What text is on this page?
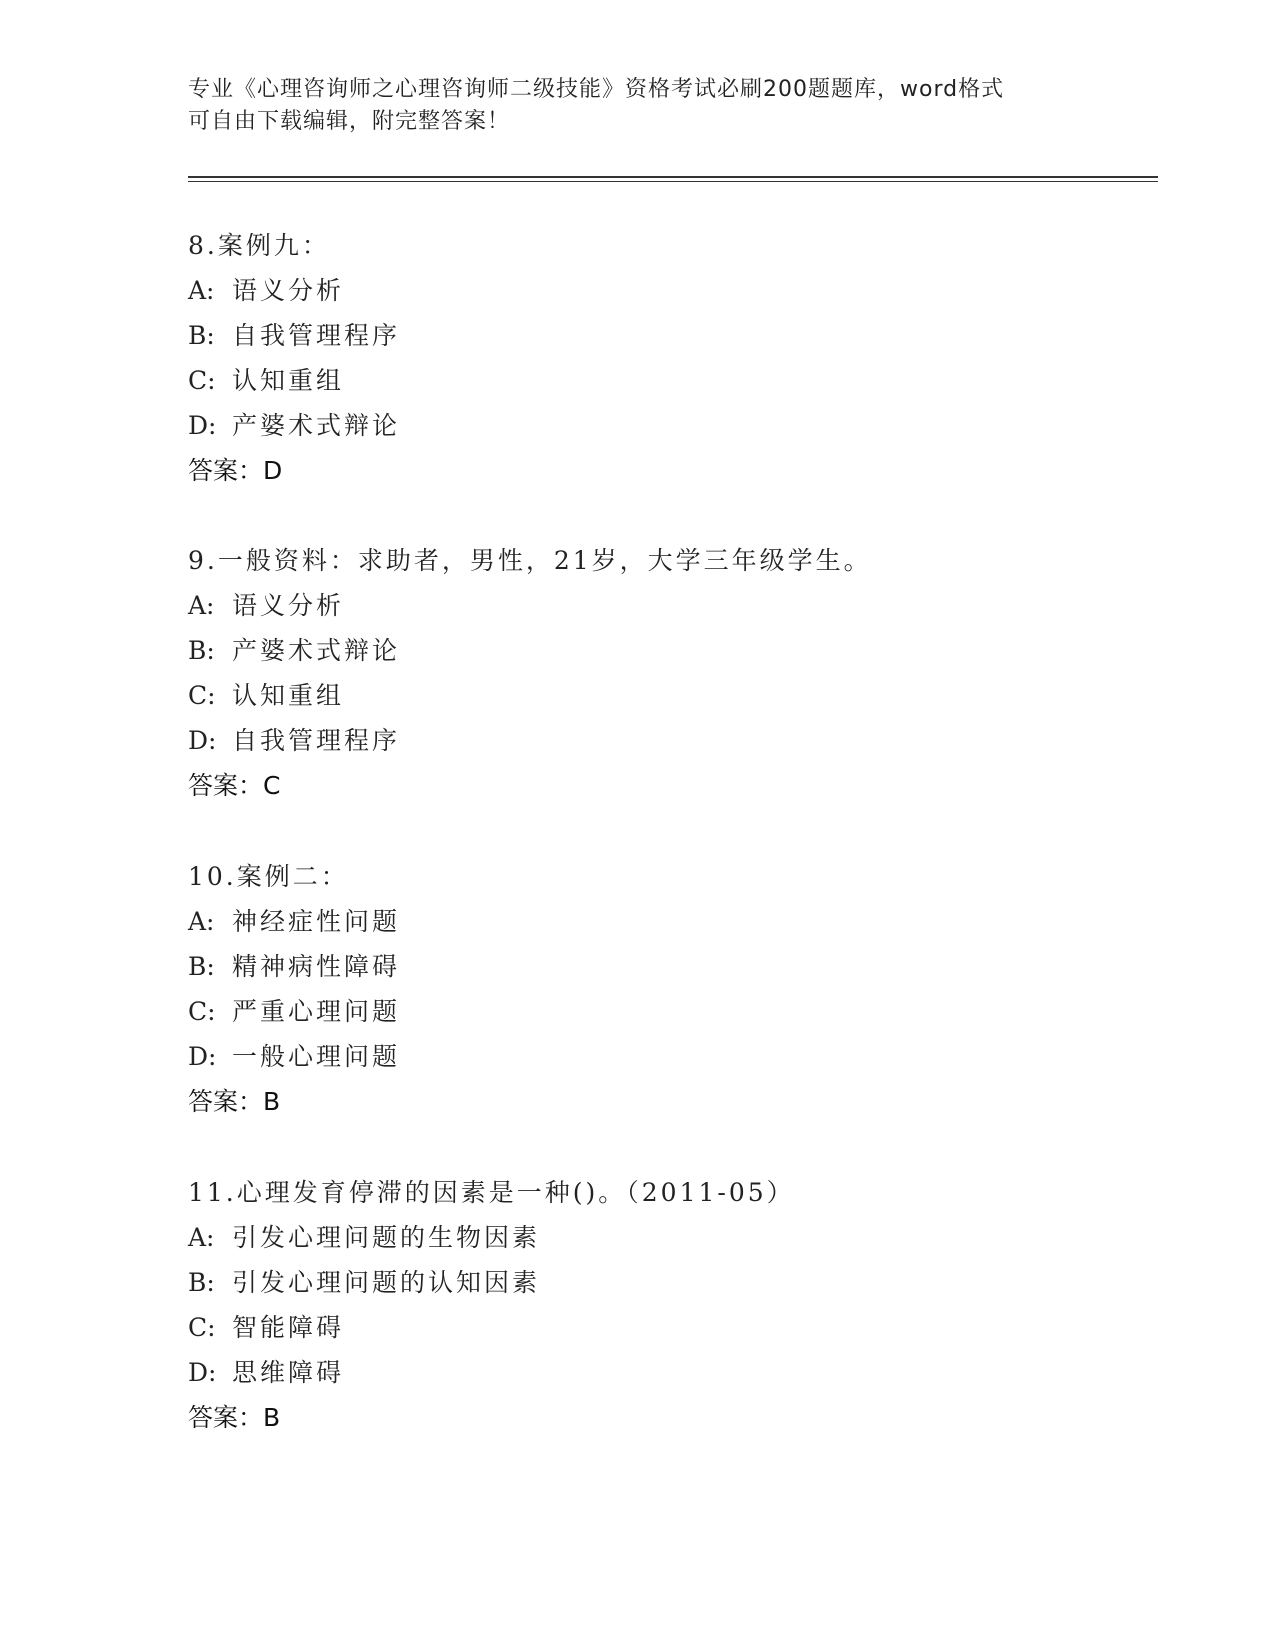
专业《心理咨询师之心理咨询师二级技能》资格考试必刷200题题库，word格式

可自由下载编辑，附完整答案！

8.案例九：
A: 语义分析
B: 自我管理程序
C: 认知重组
D: 产婆术式辩论
答案：D
9.一般资料：求助者，男性，21岁，大学三年级学生。
A: 语义分析
B: 产婆术式辩论
C: 认知重组
D: 自我管理程序
答案：C
10.案例二：
A: 神经症性问题
B: 精神病性障碍
C: 严重心理问题
D: 一般心理问题
答案：B
11.心理发育停滞的因素是一种()。（2011-05）
A: 引发心理问题的生物因素
B: 引发心理问题的认知因素
C: 智能障碍
D: 思维障碍
答案：B
